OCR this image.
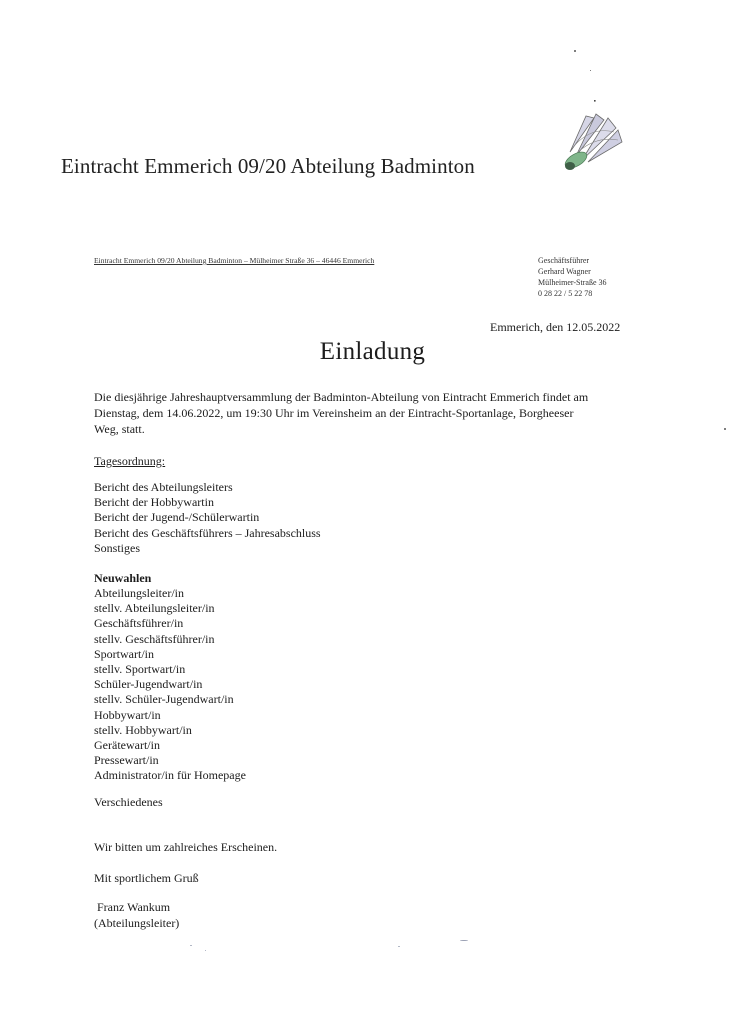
Eintracht Emmerich 09/20 Abteilung Badminton
Eintracht Emmerich 09/20 Abteilung Badminton – Mülheimer Straße 36 – 46446 Emmerich	Geschäftsführer
Gerhard Wagner
Mülheimer-Straße 36
0 28 22 / 5 22 78
Emmerich, den 12.05.2022
Einladung
Die diesjährige Jahreshauptversammlung der Badminton-Abteilung von Eintracht Emmerich findet am
Dienstag, dem 14.06.2022, um 19:30 Uhr im Vereinsheim an der Eintracht-Sportanlage, Borgheeser
Weg, statt.
Tagesordnung:
Bericht des Abteilungsleiters
Bericht der Hobbywartin
Bericht der Jugend-/Schülerwartin
Bericht des Geschäftsführers – Jahresabschluss
Sonstiges
Neuwahlen
Abteilungsleiter/in
stellv. Abteilungsleiter/in
Geschäftsführer/in
stellv. Geschäftsführer/in
Sportwart/in
stellv. Sportwart/in
Schüler-Jugendwart/in
stellv. Schüler-Jugendwart/in
Hobbywart/in
stellv. Hobbywart/in
Gerätewart/in
Pressewart/in
Administrator/in für Homepage
Verschiedenes
Wir bitten um zahlreiches Erscheinen.
Mit sportlichem Gruß
Franz Wankum
(Abteilungsleiter)
